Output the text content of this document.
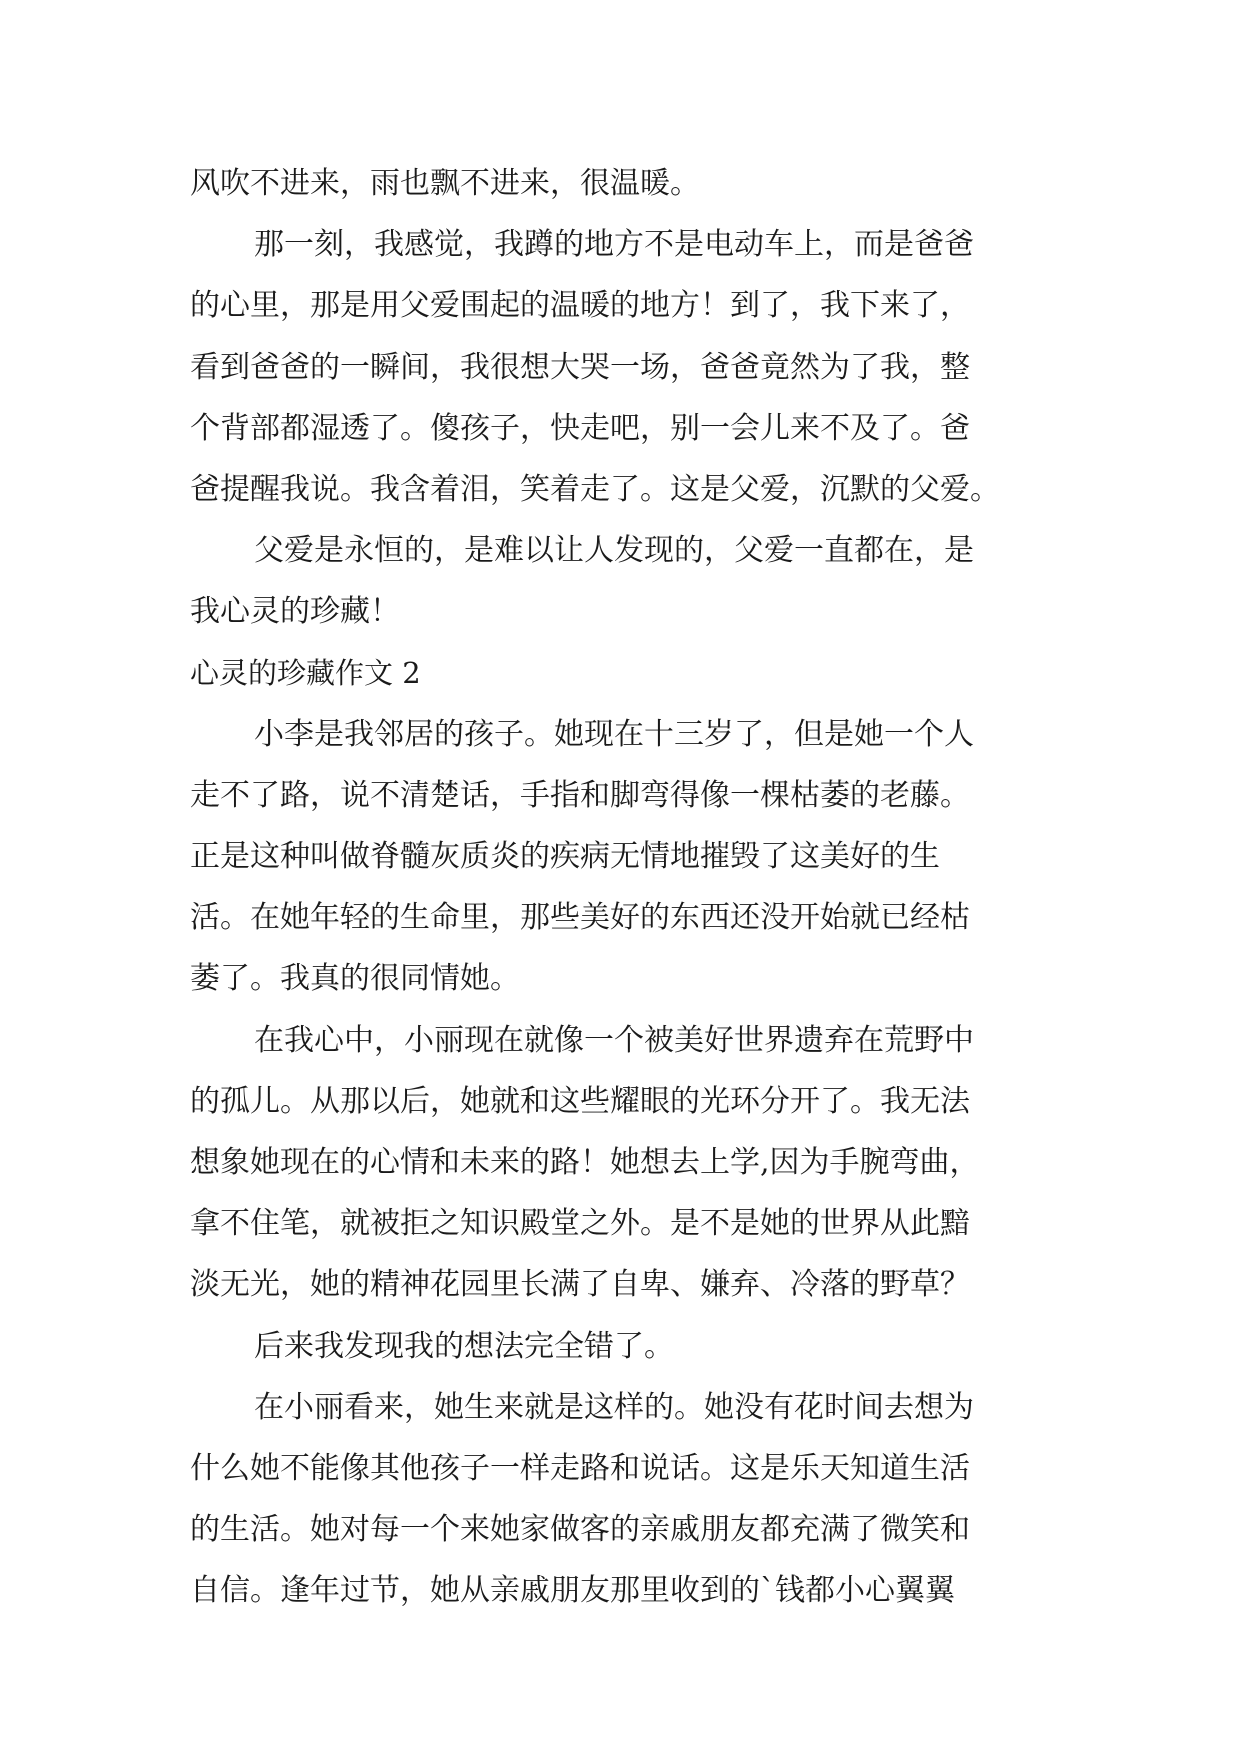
风吹不进来，雨也飘不进来，很温暖。
那一刻，我感觉，我蹲的地方不是电动车上，而是爸爸
的心里，那是用父爱围起的温暖的地方！到了，我下来了，
看到爸爸的一瞬间，我很想大哭一场，爸爸竟然为了我，整
个背部都湿透了。傻孩子，快走吧，别一会儿来不及了。爸
爸提醒我说。我含着泪，笑着走了。这是父爱，沉默的父爱。
父爱是永恒的，是难以让人发现的，父爱一直都在，是
我心灵的珍藏！
心灵的珍藏作文 2
小李是我邻居的孩子。她现在十三岁了，但是她一个人
走不了路，说不清楚话，手指和脚弯得像一棵枯萎的老藤。
正是这种叫做脊髓灰质炎的疾病无情地摧毁了这美好的生
活。在她年轻的生命里，那些美好的东西还没开始就已经枯
萎了。我真的很同情她。
在我心中，小丽现在就像一个被美好世界遗弃在荒野中
的孤儿。从那以后，她就和这些耀眼的光环分开了。我无法
想象她现在的心情和未来的路！她想去上学,因为手腕弯曲，
拿不住笔，就被拒之知识殿堂之外。是不是她的世界从此黯
淡无光，她的精神花园里长满了自卑、嫌弃、冷落的野草？
后来我发现我的想法完全错了。
在小丽看来，她生来就是这样的。她没有花时间去想为
什么她不能像其他孩子一样走路和说话。这是乐天知道生活
的生活。她对每一个来她家做客的亲戚朋友都充满了微笑和
自信。逢年过节，她从亲戚朋友那里收到的`钱都小心翼翼
